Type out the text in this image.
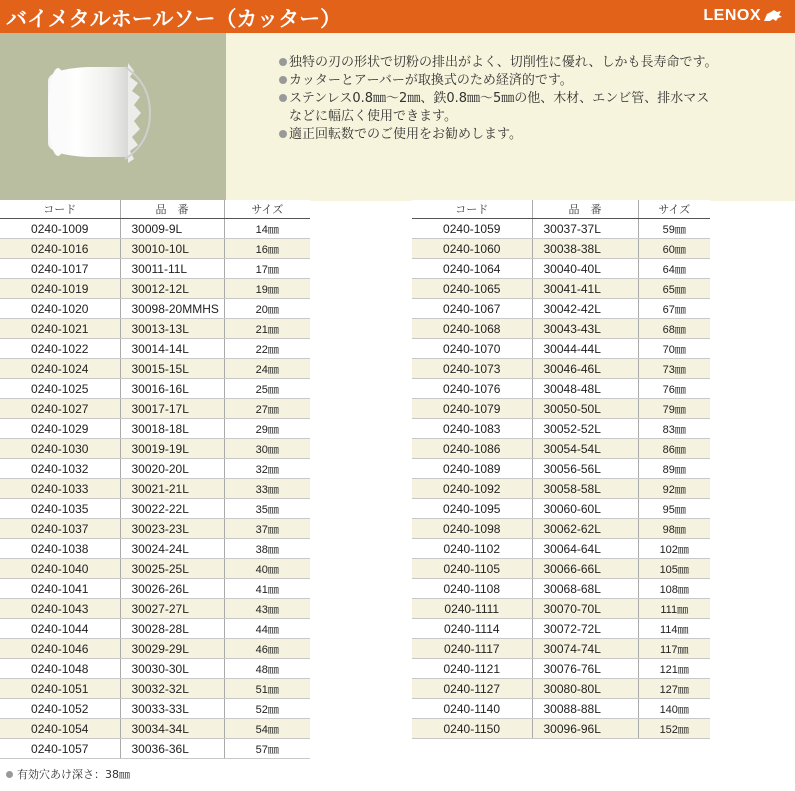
バイメタルホールソー（カッター）	LENOX
独特の刃の形状で切粉の排出がよく、切削性に優れ、しかも長寿命です。
カッターとアーバーが取換式のため経済的です。
ステンレス0.8㎜～2㎜、鉄0.8㎜～5㎜の他、木材、エンビ管、排水マス
などに幅広く使用できます。
適正回転数でのご使用をお勧めします。
コード	品　番	サイズ
0240-1009	30009-9L	14㎜
0240-1016	30010-10L	16㎜
0240-1017	30011-11L	17㎜
0240-1019	30012-12L	19㎜
0240-1020	30098-20MMHS	20㎜
0240-1021	30013-13L	21㎜
0240-1022	30014-14L	22㎜
0240-1024	30015-15L	24㎜
0240-1025	30016-16L	25㎜
0240-1027	30017-17L	27㎜
0240-1029	30018-18L	29㎜
0240-1030	30019-19L	30㎜
0240-1032	30020-20L	32㎜
0240-1033	30021-21L	33㎜
0240-1035	30022-22L	35㎜
0240-1037	30023-23L	37㎜
0240-1038	30024-24L	38㎜
0240-1040	30025-25L	40㎜
0240-1041	30026-26L	41㎜
0240-1043	30027-27L	43㎜
0240-1044	30028-28L	44㎜
0240-1046	30029-29L	46㎜
0240-1048	30030-30L	48㎜
0240-1051	30032-32L	51㎜
0240-1052	30033-33L	52㎜
0240-1054	30034-34L	54㎜
0240-1057	30036-36L	57㎜
コード	品　番	サイズ
0240-1059	30037-37L	59㎜
0240-1060	30038-38L	60㎜
0240-1064	30040-40L	64㎜
0240-1065	30041-41L	65㎜
0240-1067	30042-42L	67㎜
0240-1068	30043-43L	68㎜
0240-1070	30044-44L	70㎜
0240-1073	30046-46L	73㎜
0240-1076	30048-48L	76㎜
0240-1079	30050-50L	79㎜
0240-1083	30052-52L	83㎜
0240-1086	30054-54L	86㎜
0240-1089	30056-56L	89㎜
0240-1092	30058-58L	92㎜
0240-1095	30060-60L	95㎜
0240-1098	30062-62L	98㎜
0240-1102	30064-64L	102㎜
0240-1105	30066-66L	105㎜
0240-1108	30068-68L	108㎜
0240-1111	30070-70L	111㎜
0240-1114	30072-72L	114㎜
0240-1117	30074-74L	117㎜
0240-1121	30076-76L	121㎜
0240-1127	30080-80L	127㎜
0240-1140	30088-88L	140㎜
0240-1150	30096-96L	152㎜
有効穴あけ深さ：38㎜
